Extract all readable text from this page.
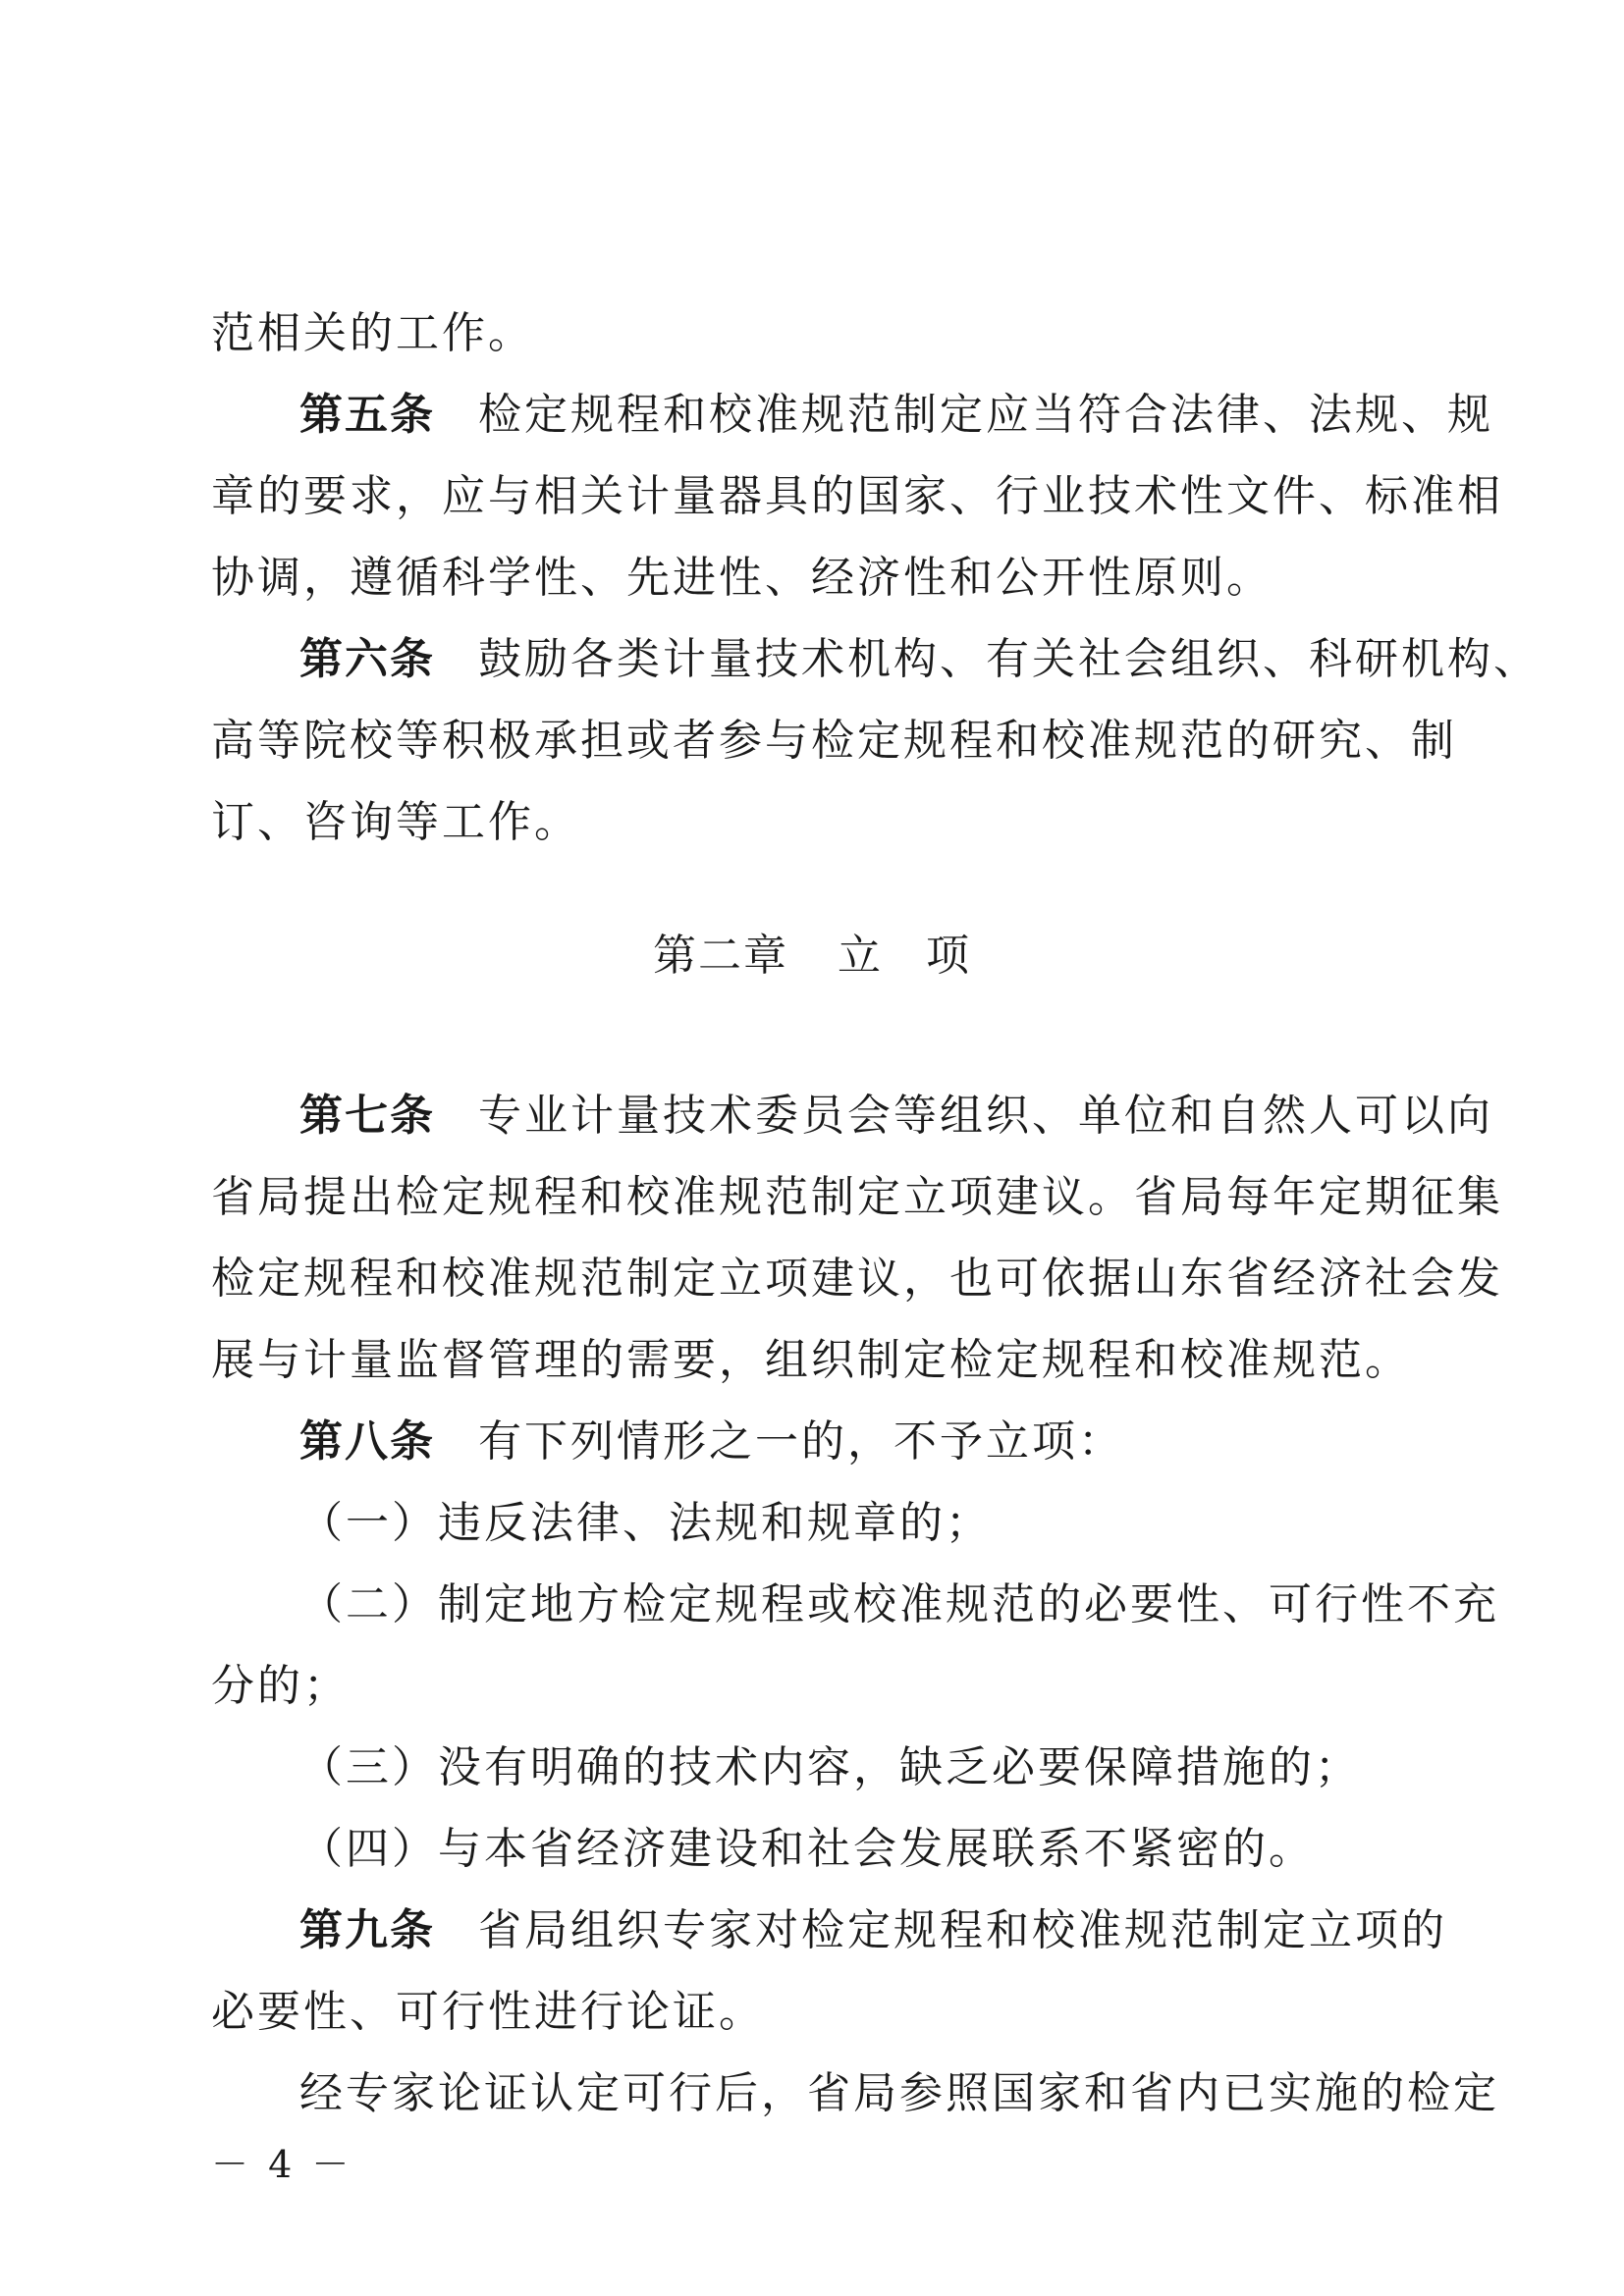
范相关的工作。
第五条 检定规程和校准规范制定应当符合法律、法规、规
章的要求，应与相关计量器具的国家、行业技术性文件、标准相
协调，遵循科学性、先进性、经济性和公开性原则。
第六条 鼓励各类计量技术机构、有关社会组织、科研机构、
高等院校等积极承担或者参与检定规程和校准规范的研究、制
订、咨询等工作。
第二章 立 项
第七条 专业计量技术委员会等组织、单位和自然人可以向
省局提出检定规程和校准规范制定立项建议。省局每年定期征集
检定规程和校准规范制定立项建议，也可依据山东省经济社会发
展与计量监督管理的需要，组织制定检定规程和校准规范。
第八条 有下列情形之一的，不予立项：
（一）违反法律、法规和规章的；
（二）制定地方检定规程或校准规范的必要性、可行性不充
分的；
（三）没有明确的技术内容，缺乏必要保障措施的；
（四）与本省经济建设和社会发展联系不紧密的。
第九条 省局组织专家对检定规程和校准规范制定立项的
必要性、可行性进行论证。
经专家论证认定可行后，省局参照国家和省内已实施的检定
－ 4 －
